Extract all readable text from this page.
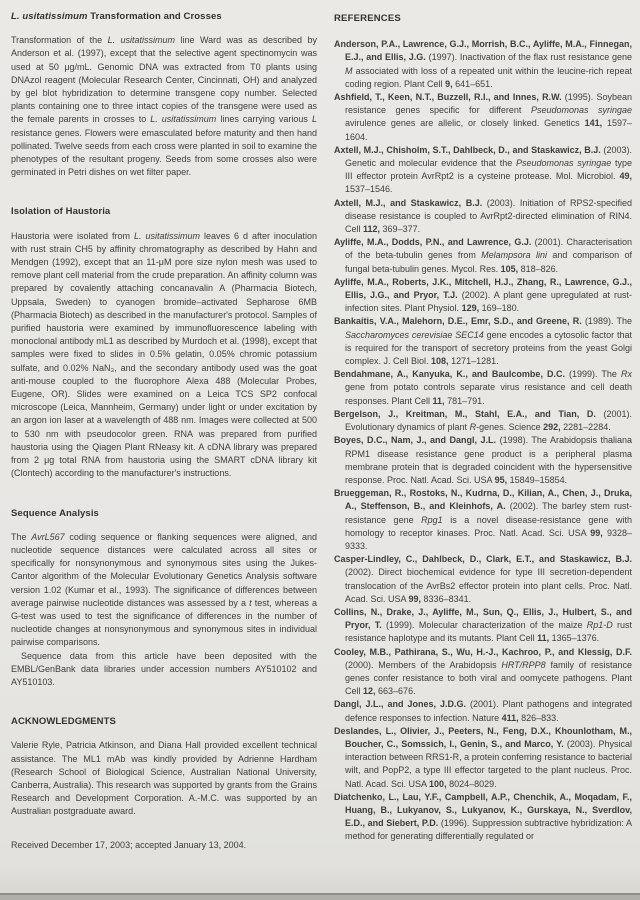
L. usitatissimum Transformation and Crosses

Transformation of the L. usitatissimum line Ward was as described by Anderson et al. (1997), except that the selective agent spectinomycin was used at 50 μg/mL. Genomic DNA was extracted from T0 plants using DNAzol reagent (Molecular Research Center, Cincinnati, OH) and analyzed by gel blot hybridization to determine transgene copy number. Selected plants containing one to three intact copies of the transgene were used as the female parents in crosses to L. usitatissimum lines carrying various L resistance genes. Flowers were emasculated before maturity and then hand pollinated. Twelve seeds from each cross were planted in soil to examine the phenotypes of the resultant progeny. Seeds from some crosses also were germinated in Petri dishes on wet filter paper.

Isolation of Haustoria

Haustoria were isolated from L. usitatissimum leaves 6 d after inoculation with rust strain CH5 by affinity chromatography as described by Hahn and Mendgen (1992), except that an 11-μM pore size nylon mesh was used to remove plant cell material from the crude preparation. An affinity column was prepared by covalently attaching concanavalin A (Pharmacia Biotech, Uppsala, Sweden) to cyanogen bromide–activated Sepharose 6MB (Pharmacia Biotech) as described in the manufacturer's protocol. Samples of purified haustoria were examined by immunofluorescence labeling with monoclonal antibody mL1 as described by Murdoch et al. (1998), except that samples were fixed to slides in 0.5% gelatin, 0.05% chromic potassium sulfate, and 0.02% NaN₃, and the secondary antibody used was the goat anti-mouse coupled to the fluorophore Alexa 488 (Molecular Probes, Eugene, OR). Slides were examined on a Leica TCS SP2 confocal microscope (Leica, Mannheim, Germany) under light or under excitation by an argon ion laser at a wavelength of 488 nm. Images were collected at 500 to 530 nm with pseudocolor green. RNA was prepared from purified haustoria using the Qiagen Plant RNeasy kit. A cDNA library was prepared from 2 μg total RNA from haustoria using the SMART cDNA library kit (Clontech) according to the manufacturer's instructions.

Sequence Analysis

The AvrL567 coding sequence or flanking sequences were aligned, and nucleotide sequence distances were calculated across all sites or specifically for nonsynonymous and synonymous sites using the Jukes-Cantor algorithm of the Molecular Evolutionary Genetics Analysis software version 1.02 (Kumar et al., 1993). The significance of differences between average pairwise nucleotide distances was assessed by a t test, whereas a G-test was used to test the significance of differences in the number of nucleotide changes at nonsynonymous and synonymous sites in individual pairwise comparisons.

Sequence data from this article have been deposited with the EMBL/GenBank data libraries under accession numbers AY510102 and AY510103.

ACKNOWLEDGMENTS

Valerie Ryle, Patricia Atkinson, and Diana Hall provided excellent technical assistance. The ML1 mAb was kindly provided by Adrienne Hardham (Research School of Biological Science, Australian National University, Canberra, Australia). This research was supported by grants from the Grains Research and Development Corporation. A.-M.C. was supported by an Australian postgraduate award.

Received December 17, 2003; accepted January 13, 2004.

REFERENCES

Anderson, P.A., Lawrence, G.J., Morrish, B.C., Ayliffe, M.A., Finnegan, E.J., and Ellis, J.G. (1997). Inactivation of the flax rust resistance gene M associated with loss of a repeated unit within the leucine-rich repeat coding region. Plant Cell 9, 641–651.

Ashfield, T., Keen, N.T., Buzzell, R.I., and Innes, R.W. (1995). Soybean resistance genes specific for different Pseudomonas syringae avirulence genes are allelic, or closely linked. Genetics 141, 1597–1604.

Axtell, M.J., Chisholm, S.T., Dahlbeck, D., and Staskawicz, B.J. (2003). Genetic and molecular evidence that the Pseudomonas syringae type III effector protein AvrRpt2 is a cysteine protease. Mol. Microbiol. 49, 1537–1546.

Axtell, M.J., and Staskawicz, B.J. (2003). Initiation of RPS2-specified disease resistance is coupled to AvrRpt2-directed elimination of RIN4. Cell 112, 369–377.

Ayliffe, M.A., Dodds, P.N., and Lawrence, G.J. (2001). Characterisation of the beta-tubulin genes from Melampsora lini and comparison of fungal beta-tubulin genes. Mycol. Res. 105, 818–826.

Ayliffe, M.A., Roberts, J.K., Mitchell, H.J., Zhang, R., Lawrence, G.J., Ellis, J.G., and Pryor, T.J. (2002). A plant gene upregulated at rust-infection sites. Plant Physiol. 129, 169–180.

Bankaitis, V.A., Malehorn, D.E., Emr, S.D., and Greene, R. (1989). The Saccharomyces cerevisiae SEC14 gene encodes a cytosolic factor that is required for the transport of secretory proteins from the yeast Golgi complex. J. Cell Biol. 108, 1271–1281.

Bendahmane, A., Kanyuka, K., and Baulcombe, D.C. (1999). The Rx gene from potato controls separate virus resistance and cell death responses. Plant Cell 11, 781–791.

Bergelson, J., Kreitman, M., Stahl, E.A., and Tian, D. (2001). Evolutionary dynamics of plant R-genes. Science 292, 2281–2284.

Boyes, D.C., Nam, J., and Dangl, J.L. (1998). The Arabidopsis thaliana RPM1 disease resistance gene product is a peripheral plasma membrane protein that is degraded coincident with the hypersensitive response. Proc. Natl. Acad. Sci. USA 95, 15849–15854.

Brueggeman, R., Rostoks, N., Kudrna, D., Kilian, A., Chen, J., Druka, A., Steffenson, B., and Kleinhofs, A. (2002). The barley stem rust-resistance gene Rpg1 is a novel disease-resistance gene with homology to receptor kinases. Proc. Natl. Acad. Sci. USA 99, 9328–9333.

Casper-Lindley, C., Dahlbeck, D., Clark, E.T., and Staskawicz, B.J. (2002). Direct biochemical evidence for type III secretion-dependent translocation of the AvrBs2 effector protein into plant cells. Proc. Natl. Acad. Sci. USA 99, 8336–8341.

Collins, N., Drake, J., Ayliffe, M., Sun, Q., Ellis, J., Hulbert, S., and Pryor, T. (1999). Molecular characterization of the maize Rp1-D rust resistance haplotype and its mutants. Plant Cell 11, 1365–1376.

Cooley, M.B., Pathirana, S., Wu, H.-J., Kachroo, P., and Klessig, D.F. (2000). Members of the Arabidopsis HRT/RPP8 family of resistance genes confer resistance to both viral and oomycete pathogens. Plant Cell 12, 663–676.

Dangl, J.L., and Jones, J.D.G. (2001). Plant pathogens and integrated defence responses to infection. Nature 411, 826–833.

Deslandes, L., Olivier, J., Peeters, N., Feng, D.X., Khounlotham, M., Boucher, C., Somssich, I., Genin, S., and Marco, Y. (2003). Physical interaction between RRS1-R, a protein conferring resistance to bacterial wilt, and PopP2, a type III effector targeted to the plant nucleus. Proc. Natl. Acad. Sci. USA 100, 8024–8029.

Diatchenko, L., Lau, Y.F., Campbell, A.P., Chenchik, A., Moqadam, F., Huang, B., Lukyanov, S., Lukyanov, K., Gurskaya, N., Sverdlov, E.D., and Siebert, P.D. (1996). Suppression subtractive hybridization: A method for generating differentially regulated or
